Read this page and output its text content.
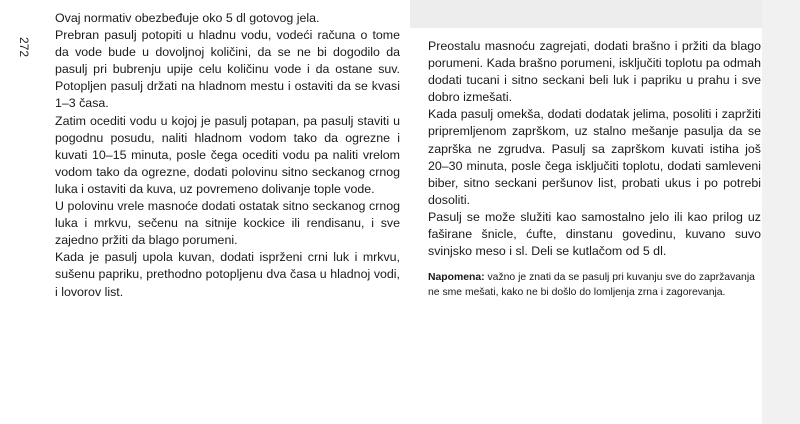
272

Ovaj normativ obezbeđuje oko 5 dl gotovog jela.

Prebran pasulj potopiti u hladnu vodu, vodeći računa o tome da vode bude u dovoljnoj količini, da se ne bi dogodilo da pasulj pri bubrenju upije celu količinu vode i da ostane suv. Potopljen pasulj držati na hladnom mestu i ostaviti da se kvasi 1–3 časa.

Zatim ocediti vodu u kojoj je pasulj potapan, pa pasulj staviti u pogodnu posudu, naliti hladnom vodom tako da ogrezne i kuvati 10–15 minuta, posle čega ocediti vodu pa naliti vrelom vodom tako da ogrezne, dodati polovinu sitno seckanog crnog luka i ostaviti da kuva, uz povremeno dolivanje tople vode.

U polovinu vrele masnoće dodati ostatak sitno seckanog crnog luka i mrkvu, sečenu na sitnije kockice ili rendisanu, i sve zajedno pržiti da blago porumeni.

Kada je pasulj upola kuvan, dodati isprženi crni luk i mrkvu, sušenu papriku, prethodno potopljenu dva časa u hladnoj vodi, i lovorov list.

Preostalu masnoću zagrejati, dodati brašno i pržiti da blago porumeni. Kada brašno porumeni, isključiti toplotu pa odmah dodati tucani i sitno seckani beli luk i papriku u prahu i sve dobro izmešati.

Kada pasulj omekša, dodati dodatak jelima, posoliti i zapržiti pripremljenom zaprškom, uz stalno mešanje pasulja da se zaprška ne zgrudva. Pasulj sa zaprškom kuvati istiha još 20–30 minuta, posle čega isključiti toplotu, dodati samleveni biber, sitno seckani peršunov list, probati ukus i po potrebi dosoliti.

Pasulj se može služiti kao samostalno jelo ili kao prilog uz faširane šnicle, ćufte, dinstanu govedinu, kuvano suvo svinjsko meso i sl. Deli se kutlačom od 5 dl.

Napomena: važno je znati da se pasulj pri kuvanju sve do zapržavanja ne sme mešati, kako ne bi došlo do lomljenja zrna i zagorevanja.
